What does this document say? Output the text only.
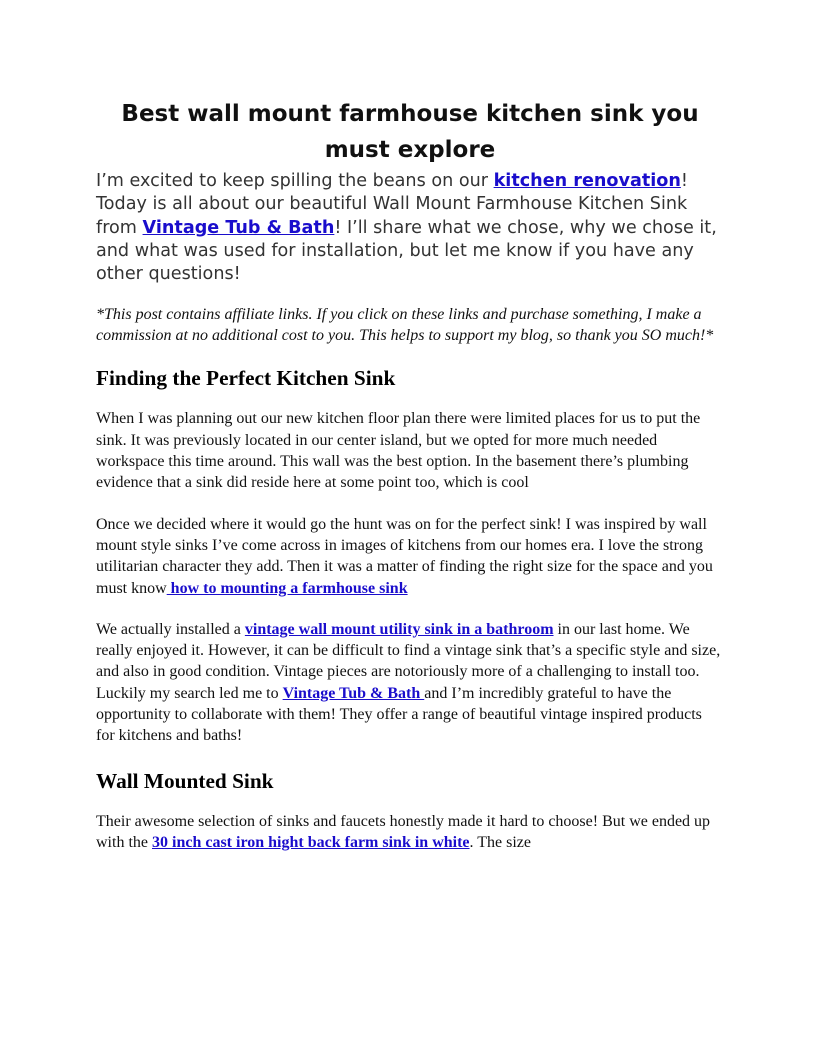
Best wall mount farmhouse kitchen sink you must explore

I’m excited to keep spilling the beans on our kitchen renovation! Today is all about our beautiful Wall Mount Farmhouse Kitchen Sink from Vintage Tub & Bath! I’ll share what we chose, why we chose it, and what was used for installation, but let me know if you have any other questions!

*This post contains affiliate links. If you click on these links and purchase something, I make a commission at no additional cost to you. This helps to support my blog, so thank you SO much!*

Finding the Perfect Kitchen Sink

When I was planning out our new kitchen floor plan there were limited places for us to put the sink. It was previously located in our center island, but we opted for more much needed workspace this time around. This wall was the best option. In the basement there’s plumbing evidence that a sink did reside here at some point too, which is cool

Once we decided where it would go the hunt was on for the perfect sink! I was inspired by wall mount style sinks I’ve come across in images of kitchens from our homes era. I love the strong utilitarian character they add. Then it was a matter of finding the right size for the space and you must know how to mounting a farmhouse sink

We actually installed a vintage wall mount utility sink in a bathroom in our last home. We really enjoyed it. However, it can be difficult to find a vintage sink that’s a specific style and size, and also in good condition. Vintage pieces are notoriously more of a challenging to install too. Luckily my search led me to Vintage Tub & Bath and I’m incredibly grateful to have the opportunity to collaborate with them! They offer a range of beautiful vintage inspired products for kitchens and baths!

Wall Mounted Sink

Their awesome selection of sinks and faucets honestly made it hard to choose! But we ended up with the 30 inch cast iron hight back farm sink in white. The size
